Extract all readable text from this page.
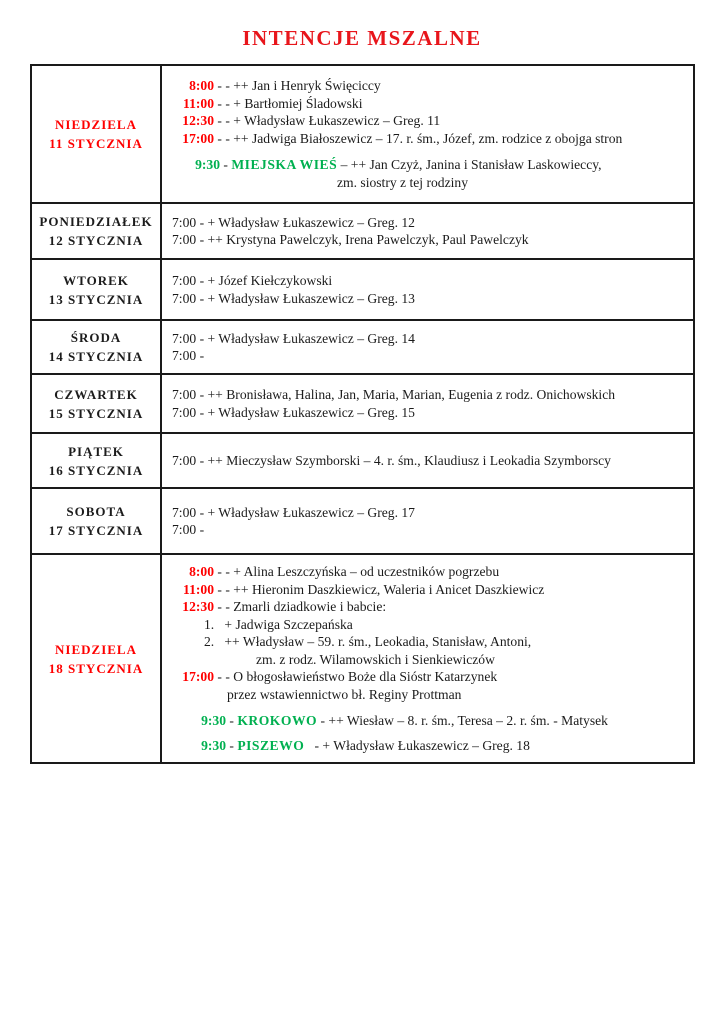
INTENCJE MSZALNE
NIEDZIELA
11 STYCZNIA
8:00 - - ++ Jan i Henryk Święciccy
11:00 - - + Bartłomiej Śladowski
12:30 - - + Władysław Łukaszewicz – Greg. 11
17:00 - - ++ Jadwiga Białoszewicz – 17. r. śm., Józef, zm. rodzice z obojga stron
9:30 - MIEJSKA WIEŚ – ++ Jan Czyż, Janina i Stanisław Laskowieccy,
zm. siostry z tej rodziny
PONIEDZIAŁEK
12 STYCZNIA
7:00 - + Władysław Łukaszewicz – Greg. 12
7:00 - ++ Krystyna Pawelczyk, Irena Pawelczyk, Paul Pawelczyk
WTOREK
13 STYCZNIA
7:00 - + Józef Kiełczykowski
7:00 - + Władysław Łukaszewicz – Greg. 13
ŚRODA
14 STYCZNIA
7:00 - + Władysław Łukaszewicz – Greg. 14
7:00 -
CZWARTEK
15 STYCZNIA
7:00 - ++ Bronisława, Halina, Jan, Maria, Marian, Eugenia z rodz. Onichowskich
7:00 - + Władysław Łukaszewicz – Greg. 15
PIĄTEK
16 STYCZNIA
7:00 - ++ Mieczysław Szymborski – 4. r. śm., Klaudiusz i Leokadia Szymborscy
SOBOTA
17 STYCZNIA
7:00 - + Władysław Łukaszewicz – Greg. 17
7:00 -
NIEDZIELA
18 STYCZNIA
8:00 - - + Alina Leszczyńska – od uczestników pogrzebu
11:00 - - ++ Hieronim Daszkiewicz, Waleria i Anicet Daszkiewicz
12:30 - - Zmarli dziadkowie i babcie:
1.   + Jadwiga Szczepańska
2.   ++ Władysław – 59. r. śm., Leokadia, Stanisław, Antoni,
zm. z rodz. Wilamowskich i Sienkiewiczów
17:00 - - O błogosławieństwo Boże dla Sióstr Katarzynek
przez wstawiennictwo bł. Reginy Prottman
9:30 - KROKOWO - ++ Wiesław – 8. r. śm., Teresa – 2. r. śm. - Matysek
9:30 - PISZEWO   - + Władysław Łukaszewicz – Greg. 18
